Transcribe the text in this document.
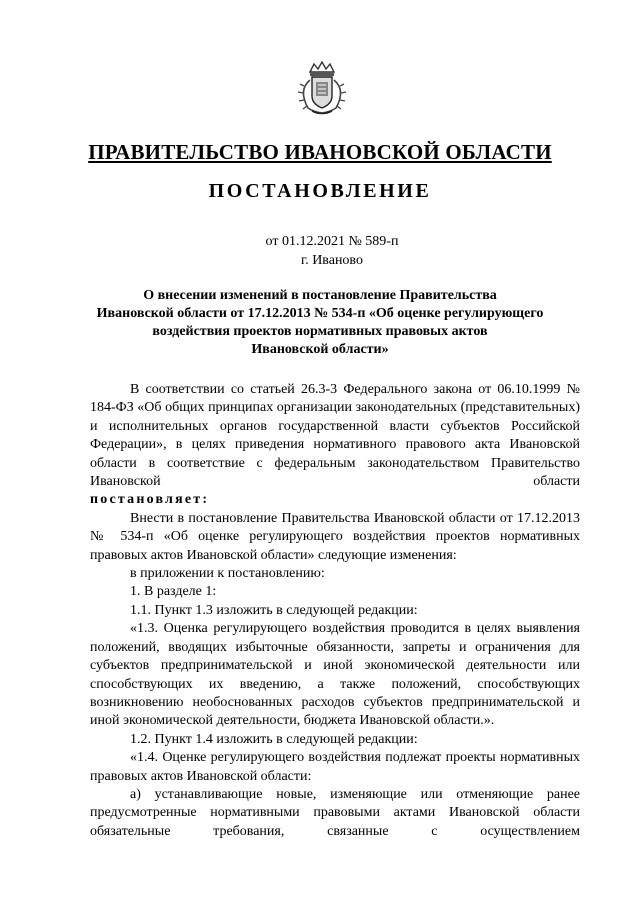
ПРАВИТЕЛЬСТВО ИВАНОВСКОЙ ОБЛАСТИ
ПОСТАНОВЛЕНИЕ
от 01.12.2021 № 589-п
г. Иваново
О внесении изменений в постановление Правительства
Ивановской области от 17.12.2013 № 534-п «Об оценке регулирующего
воздействия проектов нормативных правовых актов
Ивановской области»

В соответствии со статьей 26.3-3 Федерального закона от 06.10.1999 № 184-ФЗ «Об общих принципах организации законодательных (представительных) и исполнительных органов государственной власти субъектов Российской Федерации», в целях приведения нормативного правового акта Ивановской области в соответствие с федеральным законодательством Правительство Ивановской области

постановляет:

Внести в постановление Правительства Ивановской области от 17.12.2013 № 534-п «Об оценке регулирующего воздействия проектов нормативных правовых актов Ивановской области» следующие изменения:

в приложении к постановлению:

1. В разделе 1:

1.1. Пункт 1.3 изложить в следующей редакции:

«1.3. Оценка регулирующего воздействия проводится в целях выявления положений, вводящих избыточные обязанности, запреты и ограничения для субъектов предпринимательской и иной экономической деятельности или способствующих их введению, а также положений, способствующих возникновению необоснованных расходов субъектов предпринимательской и иной экономической деятельности, бюджета Ивановской области.».

1.2. Пункт 1.4 изложить в следующей редакции:

«1.4. Оценке регулирующего воздействия подлежат проекты нормативных правовых актов Ивановской области:

а) устанавливающие новые, изменяющие или отменяющие ранее предусмотренные нормативными правовыми актами Ивановской области обязательные требования, связанные с осуществлением
